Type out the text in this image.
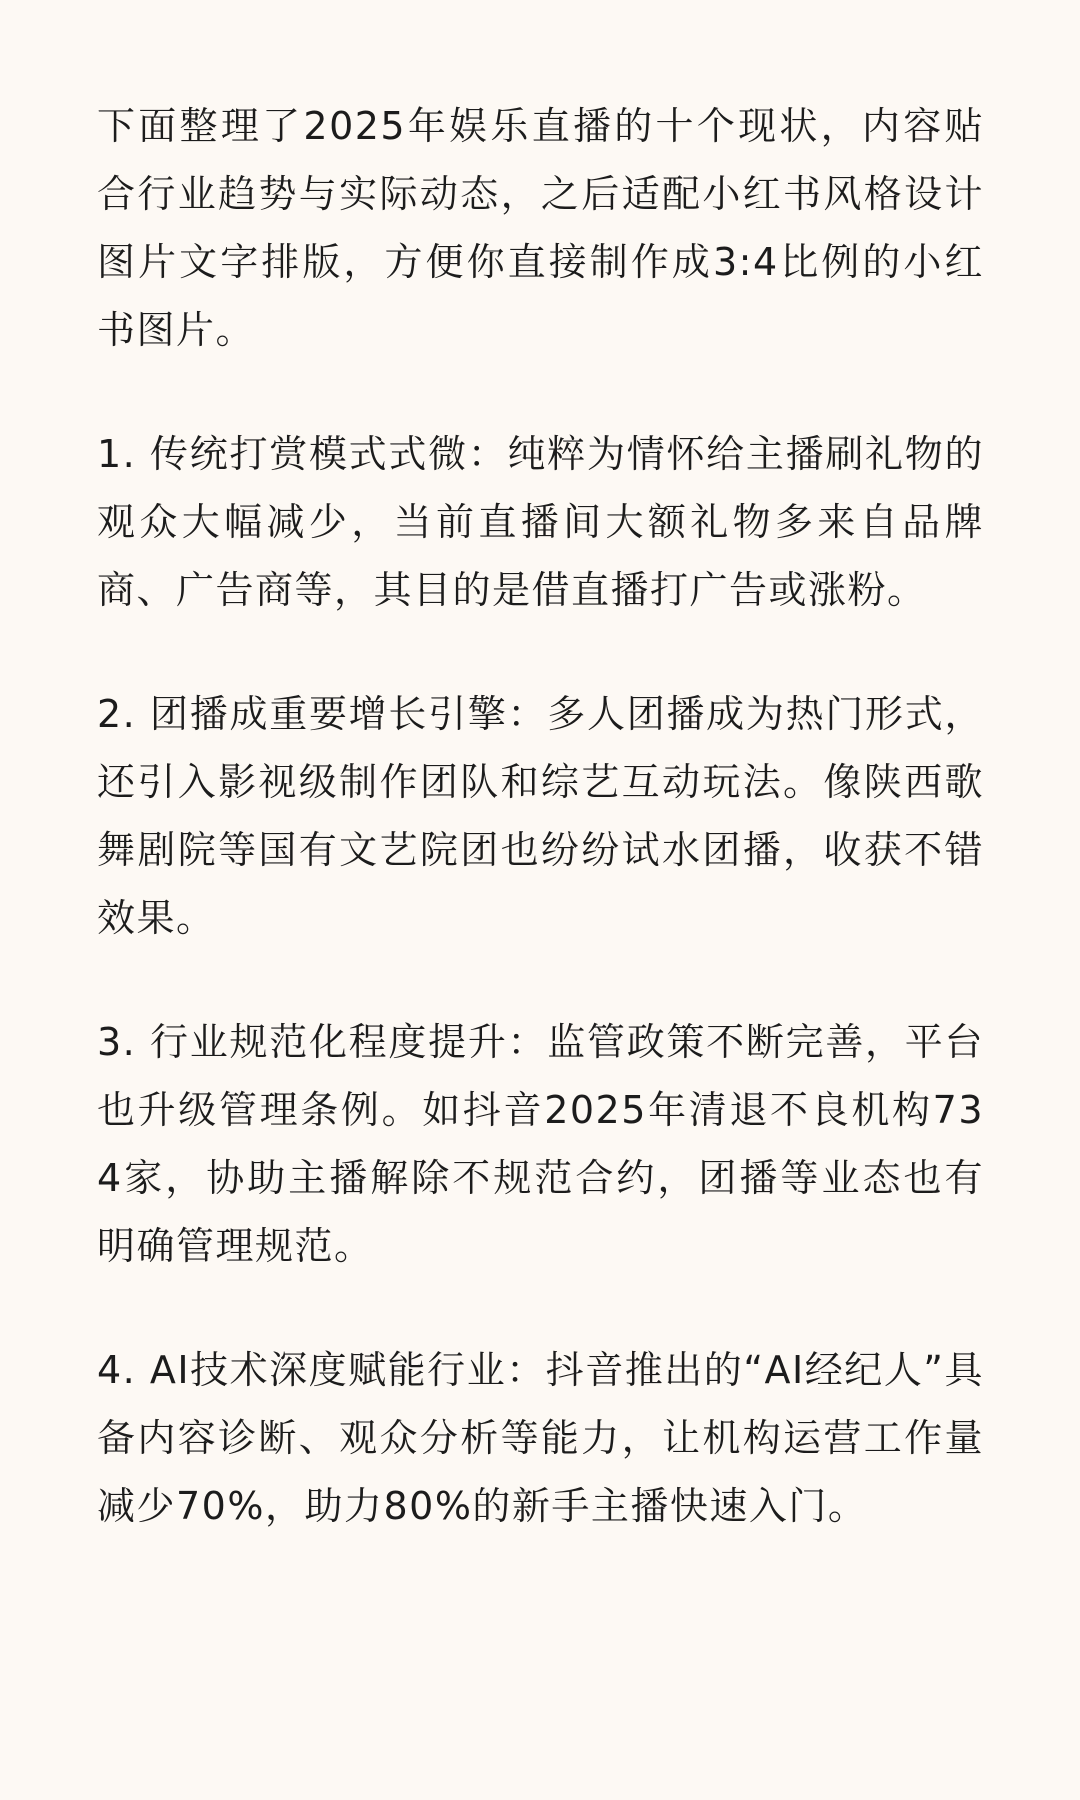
下面整理了2025年娱乐直播的十个现状，内容贴合行业趋势与实际动态，之后适配小红书风格设计图片文字排版，方便你直接制作成3:4比例的小红书图片。

1. 传统打赏模式式微：纯粹为情怀给主播刷礼物的观众大幅减少，当前直播间大额礼物多来自品牌商、广告商等，其目的是借直播打广告或涨粉。

2. 团播成重要增长引擎：多人团播成为热门形式，还引入影视级制作团队和综艺互动玩法。像陕西歌舞剧院等国有文艺院团也纷纷试水团播，收获不错效果。

3. 行业规范化程度提升：监管政策不断完善，平台也升级管理条例。如抖音2025年清退不良机构734家，协助主播解除不规范合约，团播等业态也有明确管理规范。

4. AI技术深度赋能行业：抖音推出的“AI经纪人”具备内容诊断、观众分析等能力，让机构运营工作量减少70%，助力80%的新手主播快速入门。
